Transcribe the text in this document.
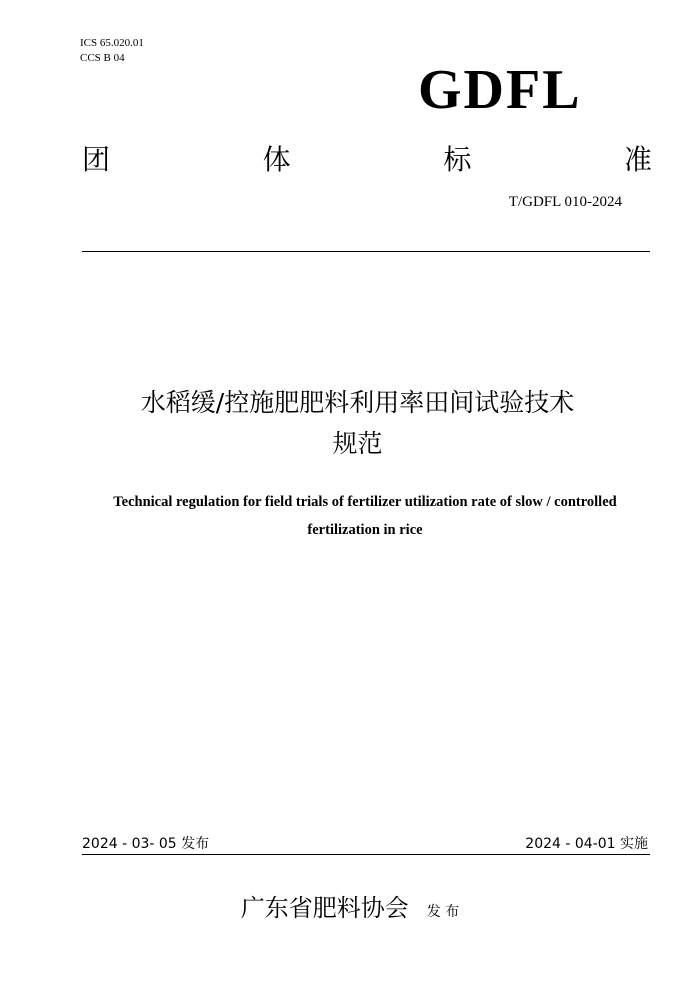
ICS 65.020.01
CCS B 04
GDFL
团	体	标	准
T/GDFL 010-2024
水稻缓/控施肥肥料利用率田间试验技术
规范
Technical regulation for field trials of fertilizer utilization rate of slow / controlled
fertilization in rice
2024 - 03- 05 发布	2024 - 04-01 实施
广东省肥料协会 发 布
